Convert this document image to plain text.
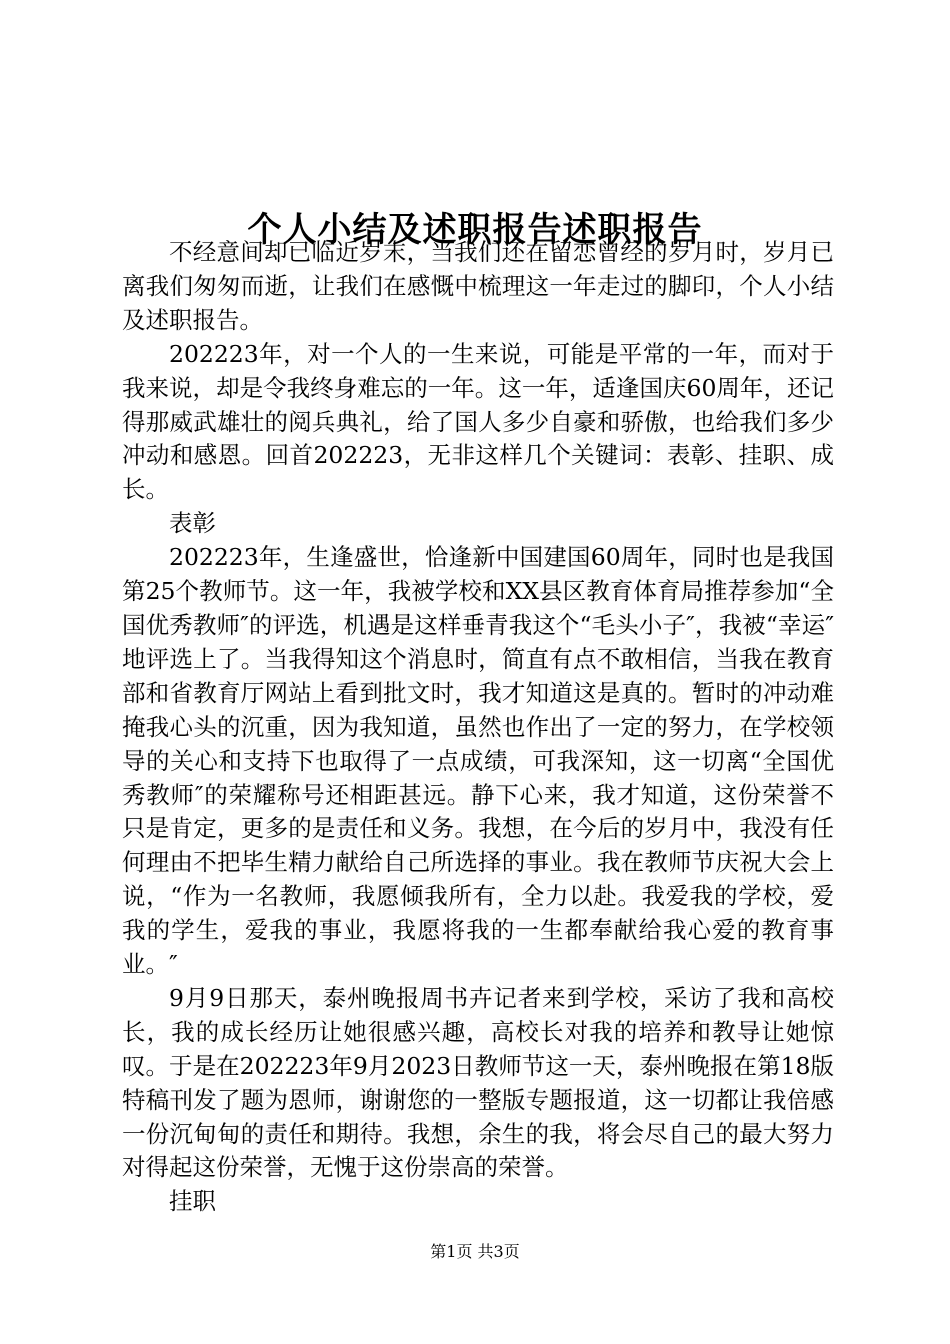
个人小结及述职报告述职报告

不经意间却已临近岁末，当我们还在留恋曾经的岁月时，岁月已离我们匆匆而逝，让我们在感慨中梳理这一年走过的脚印，个人小结及述职报告。

202223年，对一个人的一生来说，可能是平常的一年，而对于我来说，却是令我终身难忘的一年。这一年，适逢国庆60周年，还记得那威武雄壮的阅兵典礼，给了国人多少自豪和骄傲，也给我们多少冲动和感恩。回首202223，无非这样几个关键词：表彰、挂职、成长。

表彰

202223年，生逢盛世，恰逢新中国建国60周年，同时也是我国第25个教师节。这一年，我被学校和XX县区教育体育局推荐参加“全国优秀教师″的评选，机遇是这样垂青我这个“毛头小子″，我被“幸运″地评选上了。当我得知这个消息时，简直有点不敢相信，当我在教育部和省教育厅网站上看到批文时，我才知道这是真的。暂时的冲动难掩我心头的沉重，因为我知道，虽然也作出了一定的努力，在学校领导的关心和支持下也取得了一点成绩，可我深知，这一切离“全国优秀教师″的荣耀称号还相距甚远。静下心来，我才知道，这份荣誉不只是肯定，更多的是责任和义务。我想，在今后的岁月中，我没有任何理由不把毕生精力献给自己所选择的事业。我在教师节庆祝大会上说，“作为一名教师，我愿倾我所有，全力以赴。我爱我的学校，爱我的学生，爱我的事业，我愿将我的一生都奉献给我心爱的教育事业。″

9月9日那天，泰州晚报周书卉记者来到学校，采访了我和高校长，我的成长经历让她很感兴趣，高校长对我的培养和教导让她惊叹。于是在202223年9月2023日教师节这一天，泰州晚报在第18版特稿刊发了题为恩师，谢谢您的一整版专题报道，这一切都让我倍感一份沉甸甸的责任和期待。我想，余生的我，将会尽自己的最大努力对得起这份荣誉，无愧于这份崇高的荣誉。

挂职

第1页 共3页
